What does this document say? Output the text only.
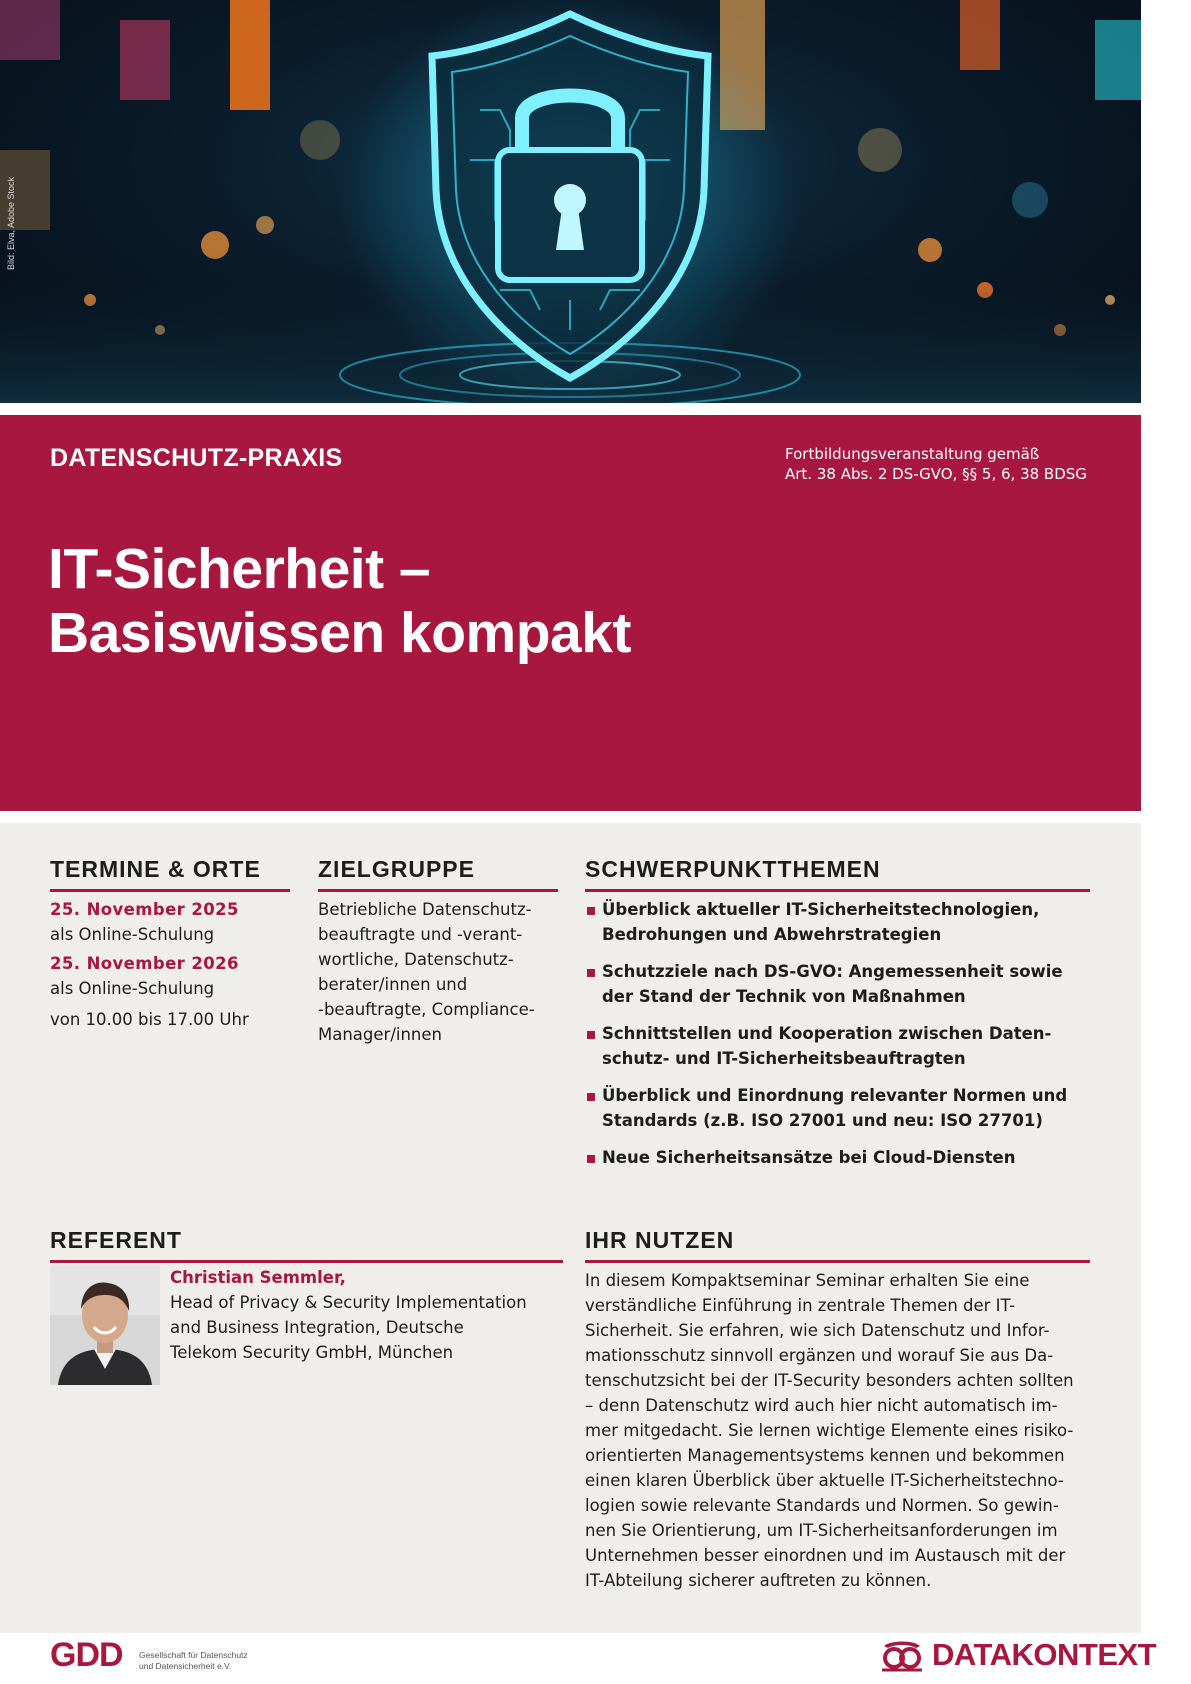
Bild: Elva, Adobe Stock
DATENSCHUTZ-PRAXIS	Fortbildungsveranstaltung gemäß
Art. 38 Abs. 2 DS-GVO, §§ 5, 6, 38 BDSG
IT-Sicherheit –
Basiswissen kompakt
TERMINE & ORTE
25. November 2025
als Online-Schulung
25. November 2026
als Online-Schulung
von 10.00 bis 17.00 Uhr
ZIELGRUPPE
Betriebliche Datenschutz-
beauftragte und -verant-
wortliche, Datenschutz-
berater/innen und
-beauftragte, Compliance-
Manager/innen
SCHWERPUNKTTHEMEN
Überblick aktueller IT-Sicherheitstechnologien,
Bedrohungen und Abwehrstrategien
Schutzziele nach DS-GVO: Angemessenheit sowie
der Stand der Technik von Maßnahmen
Schnittstellen und Kooperation zwischen Daten-
schutz- und IT-Sicherheitsbeauftragten
Überblick und Einordnung relevanter Normen und
Standards (z.B. ISO 27001 und neu: ISO 27701)
Neue Sicherheitsansätze bei Cloud-Diensten
REFERENT
Christian Semmler,
Head of Privacy & Security Implementation
and Business Integration, Deutsche
Telekom Security GmbH, München
IHR NUTZEN
In diesem Kompaktseminar Seminar erhalten Sie eine
verständliche Einführung in zentrale Themen der IT-
Sicherheit. Sie erfahren, wie sich Datenschutz und Infor-
mationsschutz sinnvoll ergänzen und worauf Sie aus Da-
tenschutzsicht bei der IT-Security besonders achten sollten
– denn Datenschutz wird auch hier nicht automatisch im-
mer mitgedacht. Sie lernen wichtige Elemente eines risiko-
orientierten Managementsystems kennen und bekommen
einen klaren Überblick über aktuelle IT-Sicherheitstechno-
logien sowie relevante Standards und Normen. So gewin-
nen Sie Orientierung, um IT-Sicherheitsanforderungen im
Unternehmen besser einordnen und im Austausch mit der
IT-Abteilung sicherer auftreten zu können.
GDD Gesellschaft für Datenschutz
und Datensicherheit e.V.	DATAKONTEXT
